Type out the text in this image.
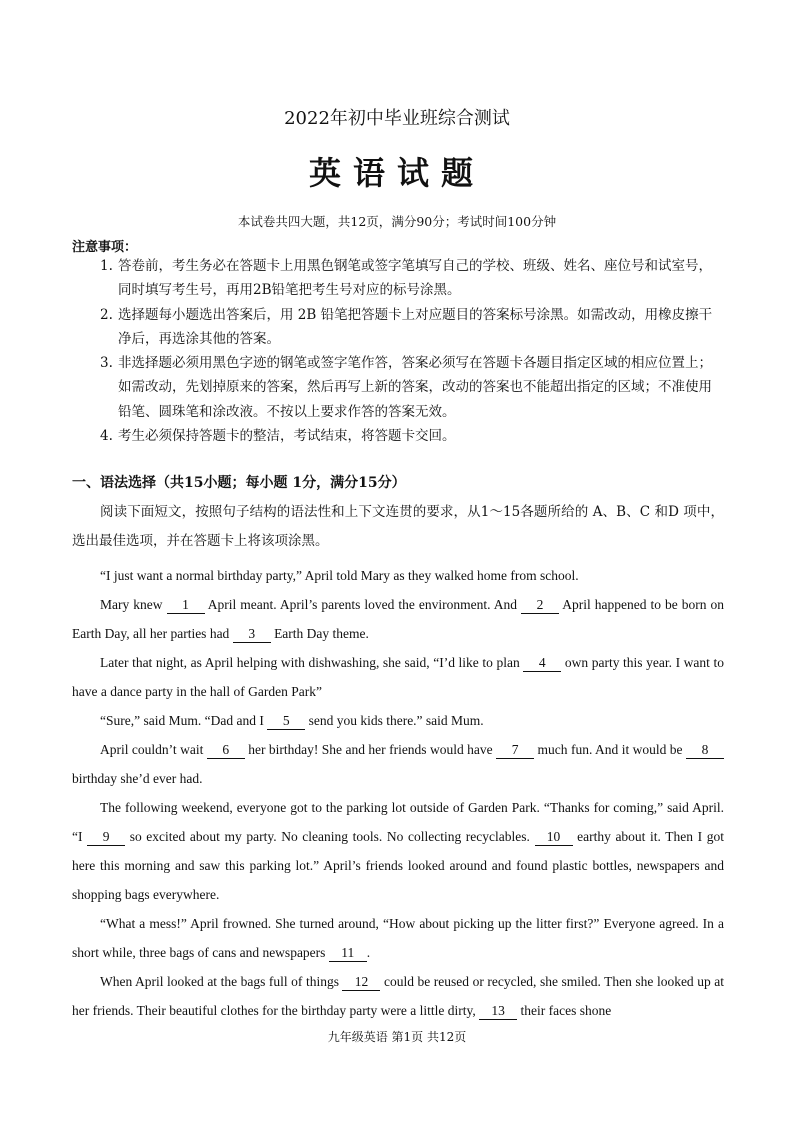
2022年初中毕业班综合测试
英语试题
本试卷共四大题，共12页，满分90分；考试时间100分钟
注意事项：
1. 答卷前，考生务必在答题卡上用黑色钢笔或签字笔填写自己的学校、班级、姓名、座位号和试室号，同时填写考生号，再用2B铅笔把考生号对应的标号涂黑。
2. 选择题每小题选出答案后，用 2B 铅笔把答题卡上对应题目的答案标号涂黑。如需改动，用橡皮擦干净后，再选涂其他的答案。
3. 非选择题必须用黑色字迹的钢笔或签字笔作答，答案必须写在答题卡各题目指定区域的相应位置上；如需改动，先划掉原来的答案，然后再写上新的答案，改动的答案也不能超出指定的区域；不准使用铅笔、圆珠笔和涂改液。不按以上要求作答的答案无效。
4. 考生必须保持答题卡的整洁，考试结束，将答题卡交回。
一、语法选择（共15小题；每小题 1分，满分15分）

阅读下面短文，按照句子结构的语法性和上下文连贯的要求，从1～15各题所给的 A、B、C 和D 项中，选出最佳选项，并在答题卡上将该项涂黑。

“I just want a normal birthday party,” April told Mary as they walked home from school.

Mary knew 1 April meant. April’s parents loved the environment. And 2 April happened to be born on Earth Day, all her parties had 3 Earth Day theme.

Later that night, as April helping with dishwashing, she said, “I’d like to plan 4 own party this year. I want to have a dance party in the hall of Garden Park”

“Sure,” said Mum. “Dad and I 5 send you kids there.” said Mum.

April couldn’t wait 6 her birthday! She and her friends would have 7 much fun. And it would be 8 birthday she’d ever had.

The following weekend, everyone got to the parking lot outside of Garden Park. “Thanks for coming,” said April. “I 9 so excited about my party. No cleaning tools. No collecting recyclables. 10 earthy about it. Then I got here this morning and saw this parking lot.” April’s friends looked around and found plastic bottles, newspapers and shopping bags everywhere.

“What a mess!” April frowned. She turned around, “How about picking up the litter first?” Everyone agreed. In a short while, three bags of cans and newspapers 11 .

When April looked at the bags full of things 12 could be reused or recycled, she smiled. Then she looked up at her friends. Their beautiful clothes for the birthday party were a little dirty, 13 their faces shone

九年级英语 第1页 共12页
